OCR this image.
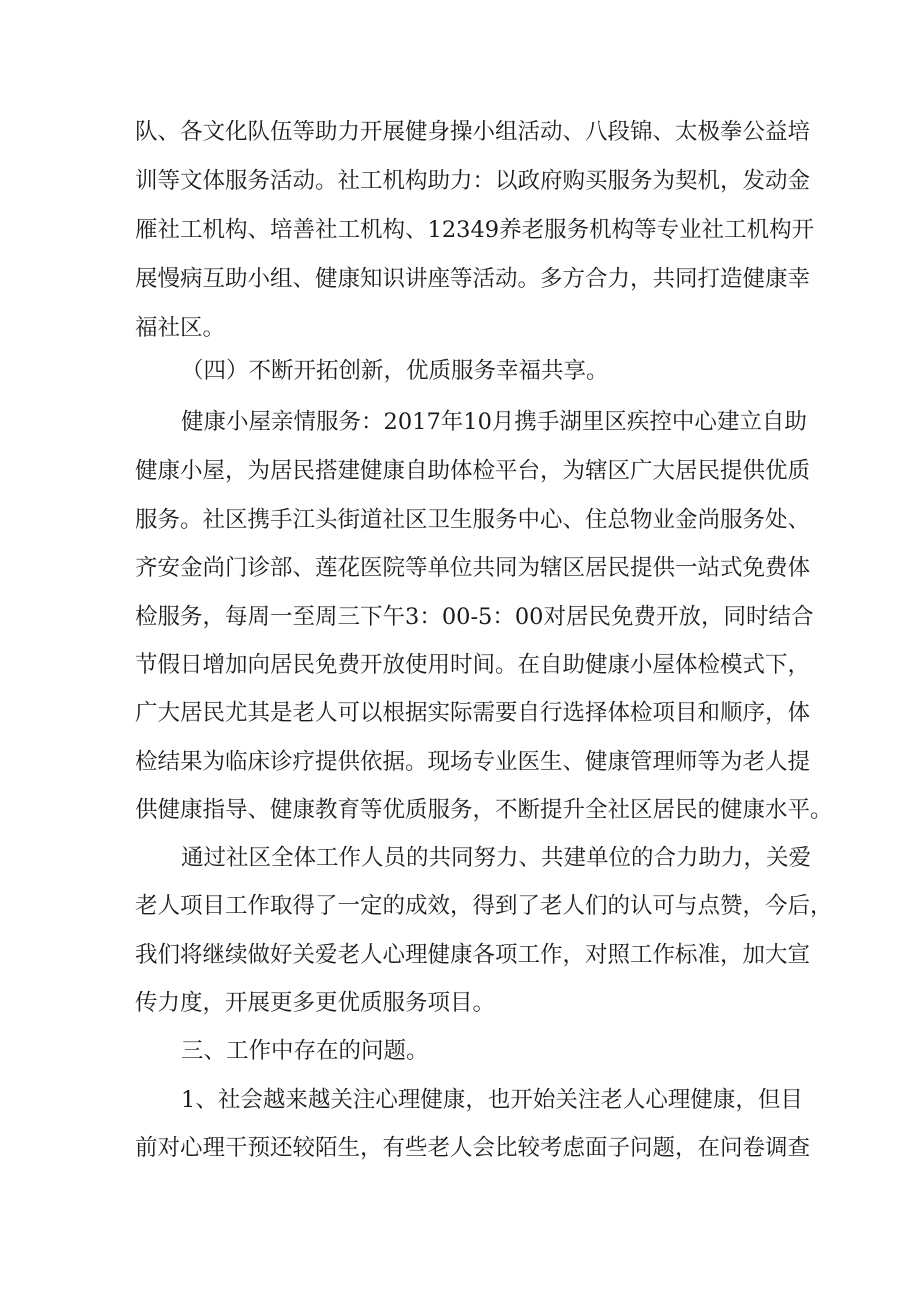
队、各文化队伍等助力开展健身操小组活动、八段锦、太极拳公益培
训等文体服务活动。社工机构助力：以政府购买服务为契机，发动金
雁社工机构、培善社工机构、12349养老服务机构等专业社工机构开
展慢病互助小组、健康知识讲座等活动。多方合力，共同打造健康幸
福社区。
（四）不断开拓创新，优质服务幸福共享。
健康小屋亲情服务：2017年10月携手湖里区疾控中心建立自助
健康小屋，为居民搭建健康自助体检平台，为辖区广大居民提供优质
服务。社区携手江头街道社区卫生服务中心、住总物业金尚服务处、
齐安金尚门诊部、莲花医院等单位共同为辖区居民提供一站式免费体
检服务，每周一至周三下午3：00-5：00对居民免费开放，同时结合
节假日增加向居民免费开放使用时间。在自助健康小屋体检模式下，
广大居民尤其是老人可以根据实际需要自行选择体检项目和顺序，体
检结果为临床诊疗提供依据。现场专业医生、健康管理师等为老人提
供健康指导、健康教育等优质服务，不断提升全社区居民的健康水平。
通过社区全体工作人员的共同努力、共建单位的合力助力，关爱
老人项目工作取得了一定的成效，得到了老人们的认可与点赞，今后，
我们将继续做好关爱老人心理健康各项工作，对照工作标准，加大宣
传力度，开展更多更优质服务项目。
三、工作中存在的问题。
1、社会越来越关注心理健康，也开始关注老人心理健康，但目
前对心理干预还较陌生，有些老人会比较考虑面子问题，在问卷调查
